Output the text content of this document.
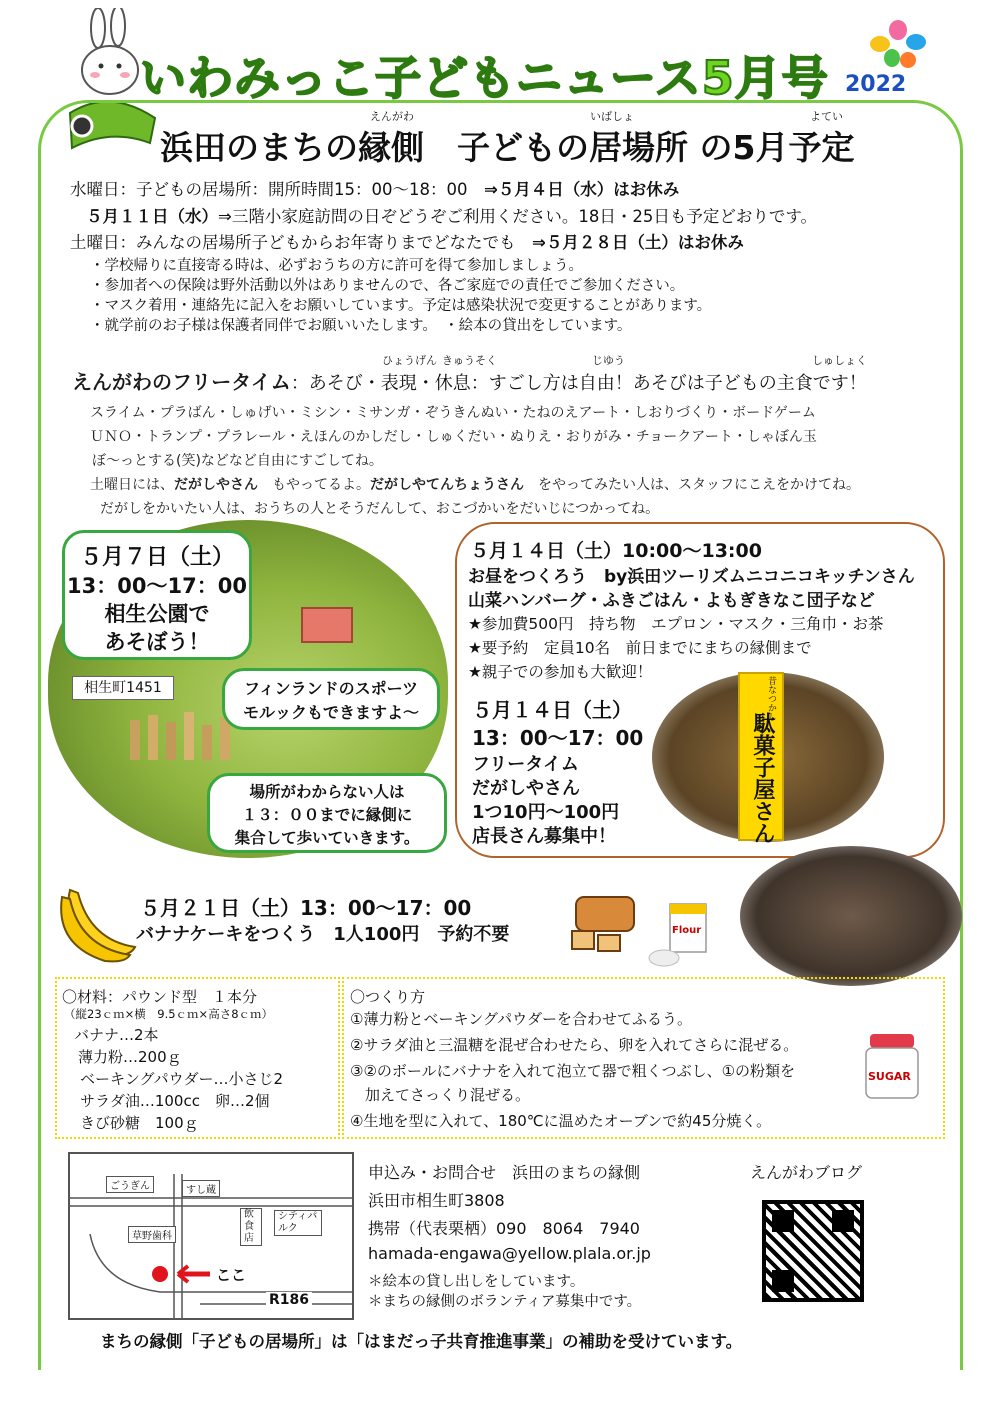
いわみっこ子どもニュース5月号 2022
えんがわ	いばしょ	よてい
浜田のまちの縁側　子どもの居場所 の5月予定
水曜日：子どもの居場所：開所時間15：00～18：00　 ⇒５月４日（水）はお休み
５月１１日（水）⇒三階小家庭訪問の日ぞどうぞご利用ください。18日・25日も予定どおりです。
土曜日：みんなの居場所子どもからお年寄りまでどなたでも　 ⇒５月２８日（土）はお休み
・学校帰りに直接寄る時は、必ずおうちの方に許可を得て参加しましょう。
・参加者への保険は野外活動以外はありませんので、各ご家庭での責任でご参加ください。
・マスク着用・連絡先に記入をお願いしています。予定は感染状況で変更することがあります。
・就学前のお子様は保護者同伴でお願いいたします。　・絵本の貸出をしています。
ひょうげん きゅうそく	じゆう	しゅしょく
えんがわのフリータイム：あそび・表現・休息：すごし方は自由！あそびは子どもの主食です！
スライム・プラばん・しゅげい・ミシン・ミサンガ・ぞうきんぬい・たねのえアート・しおりづくり・ボードゲーム
ＵＮＯ・トランプ・プラレール・えほんのかしだし・しゅくだい・ぬりえ・おりがみ・チョークアート・しゃぼん玉
ぼ～っとする(笑)などなど自由にすごしてね。
土曜日には、だがしやさん　 もやってるよ。だがしやてんちょうさん　 をやってみたい人は、スタッフにこえをかけてね。
だがしをかいたい人は、おうちの人とそうだんして、おこづかいをだいじにつかってね。
５月７日（土）
13：00～17：00
相生公園で
あそぼう！
相生町1451	フィンランドのスポーツ
モルックもできますよ～
場所がわからない人は
１３：００までに縁側に
集合して歩いていきます。
５月１４日（土）10:00～13:00
お昼をつくろう　by浜田ツーリズムニコニコキッチンさん
山菜ハンバーグ・ふきごはん・よもぎきなこ団子など
★参加費500円　持ち物　エプロン・マスク・三角巾・お茶
★要予約　定員10名　前日までにまちの縁側まで
★親子での参加も大歓迎！
昔なつかし
駄菓子屋さん
５月１４日（土）
13：00～17：00
フリータイム
だがしやさん
1つ10円～100円
店長さん募集中！
５月２１日（土）13：00～17：00
バナナケーキをつくう　1人100円　予約不要	Flour
〇材料：パウンド型　１本分
（縦23ｃｍ×横　9.5ｃｍ×高さ8ｃｍ）
バナナ…2本
薄力粉…200ｇ
ベーキングパウダー…小さじ2
サラダ油…100cc　卵…2個
きび砂糖　100ｇ
〇つくり方
①薄力粉とベーキングパウダーを合わせてふるう。
②サラダ油と三温糖を混ぜ合わせたら、卵を入れてさらに混ぜる。
③②のボールにバナナを入れて泡立て器で粗くつぶし、①の粉類を
　加えてさっくり混ぜる。
④生地を型に入れて、180℃に温めたオーブンで約45分焼く。
SUGAR
ごうぎん	すし蔵
草野歯科
飲食店
シティパルク
ここ
R186
申込み・お問合せ　浜田のまちの縁側
浜田市相生町3808
携帯（代表栗栖）090　8064　7940
hamada-engawa@yellow.plala.or.jp
＊絵本の貸し出しをしています。
＊まちの縁側のボランティア募集中です。
えんがわブログ
まちの縁側「子どもの居場所」は「はまだっ子共育推進事業」の補助を受けています。
